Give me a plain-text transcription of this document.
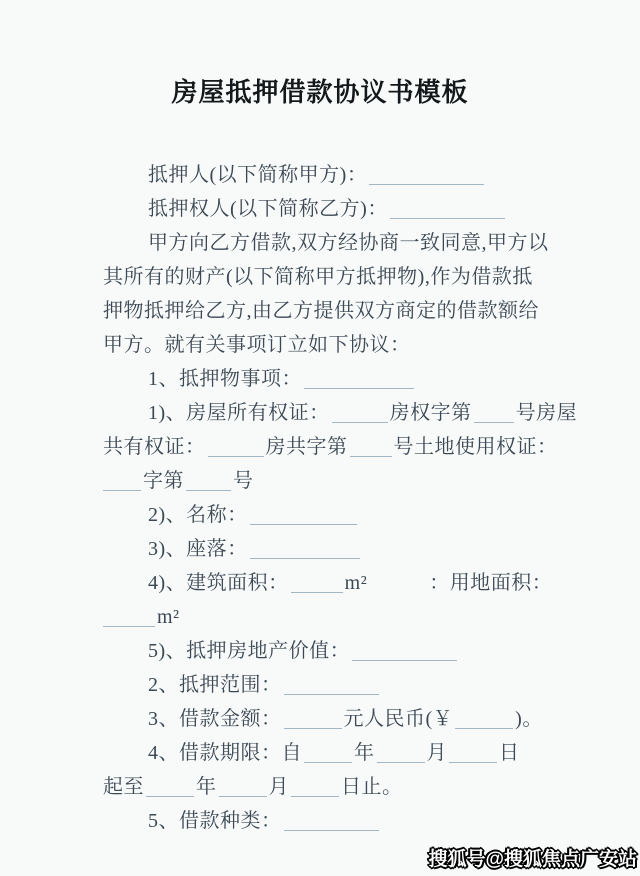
房屋抵押借款协议书模板
抵押人(以下简称甲方)：
抵押权人(以下简称乙方)：
甲方向乙方借款,双方经协商一致同意,甲方以
其所有的财产(以下简称甲方抵押物),作为借款抵
押物抵押给乙方,由乙方提供双方商定的借款额给
甲方。就有关事项订立如下协议：
1、抵押物事项：
1)、房屋所有权证：	房权字第 号房屋
共有权证：	房共字第 号土地使用权证：
字第 号
2)、名称：
3)、座落：
4)、建筑面积：	m²	：用地面积：
m²
5)、抵押房地产价值：
2、抵押范围：
3、借款金额：	元人民币(￥	)。
4、借款期限：自	年	月	日
起至	年	月	日止。
5、借款种类：
搜狐号@搜狐焦点广安站
